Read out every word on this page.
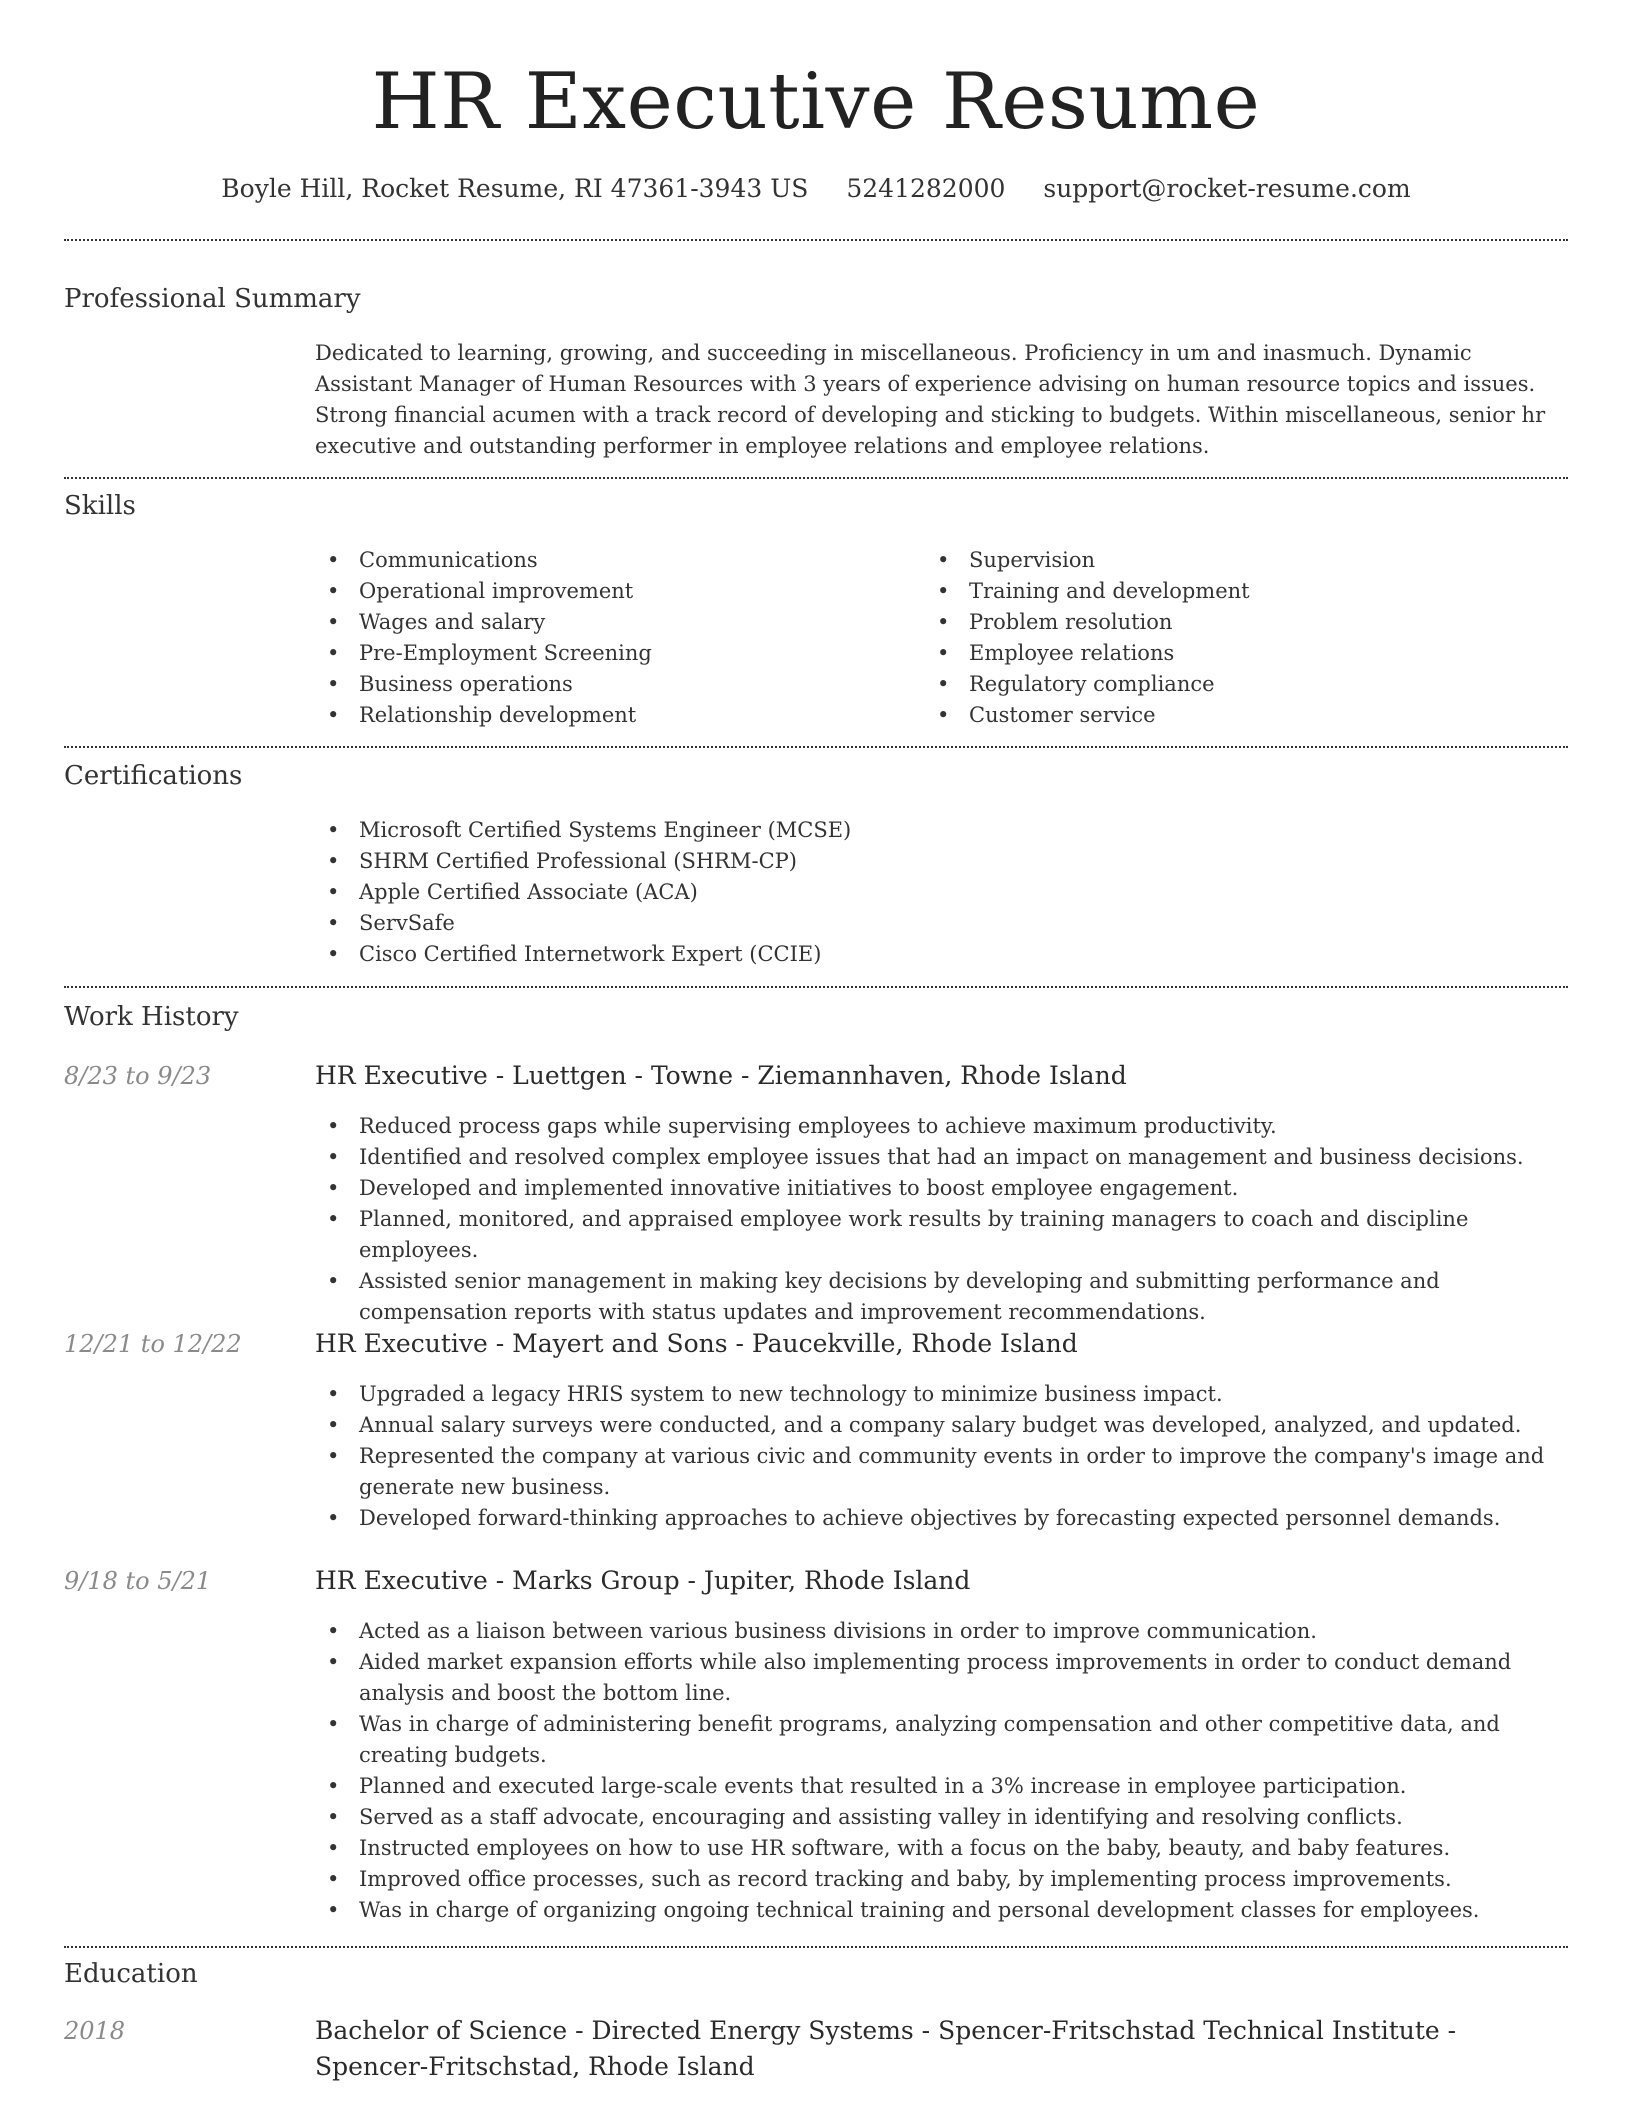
HR Executive Resume
Boyle Hill, Rocket Resume, RI 47361-3943 US 5241282000 support@rocket-resume.com
Professional Summary
Dedicated to learning, growing, and succeeding in miscellaneous. Proficiency in um and inasmuch. Dynamic Assistant Manager of Human Resources with 3 years of experience advising on human resource topics and issues. Strong financial acumen with a track record of developing and sticking to budgets. Within miscellaneous, senior hr executive and outstanding performer in employee relations and employee relations.
Skills
• Communications
• Operational improvement
• Wages and salary
• Pre-Employment Screening
• Business operations
• Relationship development
• Supervision
• Training and development
• Problem resolution
• Employee relations
• Regulatory compliance
• Customer service
Certifications
• Microsoft Certified Systems Engineer (MCSE)
• SHRM Certified Professional (SHRM-CP)
• Apple Certified Associate (ACA)
• ServSafe
• Cisco Certified Internetwork Expert (CCIE)
Work History
8/23 to 9/23	HR Executive - Luettgen - Towne - Ziemannhaven, Rhode Island
• Reduced process gaps while supervising employees to achieve maximum productivity.
• Identified and resolved complex employee issues that had an impact on management and business decisions.
• Developed and implemented innovative initiatives to boost employee engagement.
• Planned, monitored, and appraised employee work results by training managers to coach and discipline employees.
• Assisted senior management in making key decisions by developing and submitting performance and compensation reports with status updates and improvement recommendations.
12/21 to 12/22	HR Executive - Mayert and Sons - Paucekville, Rhode Island
• Upgraded a legacy HRIS system to new technology to minimize business impact.
• Annual salary surveys were conducted, and a company salary budget was developed, analyzed, and updated.
• Represented the company at various civic and community events in order to improve the company's image and generate new business.
• Developed forward-thinking approaches to achieve objectives by forecasting expected personnel demands.
9/18 to 5/21	HR Executive - Marks Group - Jupiter, Rhode Island
• Acted as a liaison between various business divisions in order to improve communication.
• Aided market expansion efforts while also implementing process improvements in order to conduct demand analysis and boost the bottom line.
• Was in charge of administering benefit programs, analyzing compensation and other competitive data, and creating budgets.
• Planned and executed large-scale events that resulted in a 3% increase in employee participation.
• Served as a staff advocate, encouraging and assisting valley in identifying and resolving conflicts.
• Instructed employees on how to use HR software, with a focus on the baby, beauty, and baby features.
• Improved office processes, such as record tracking and baby, by implementing process improvements.
• Was in charge of organizing ongoing technical training and personal development classes for employees.
Education
2018	Bachelor of Science - Directed Energy Systems - Spencer-Fritschstad Technical Institute - Spencer-Fritschstad, Rhode Island
